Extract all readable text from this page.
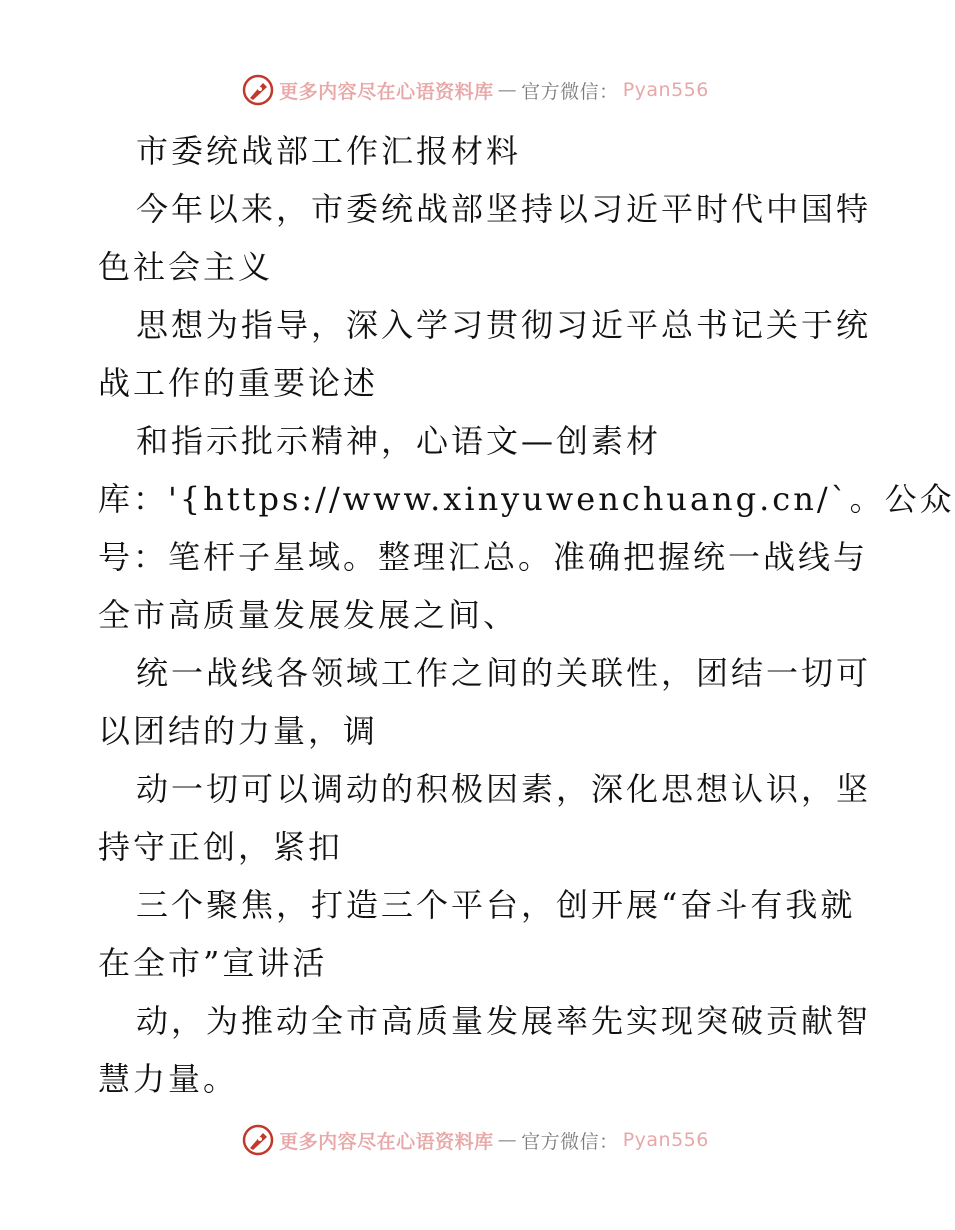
更多内容尽在心语资料库 — 官方微信： Pyan556
市委统战部工作汇报材料
今年以来，市委统战部坚持以习近平时代中国特
色社会主义
思想为指导，深入学习贯彻习近平总书记关于统
战工作的重要论述
和指示批示精神，心语文—创素材
库：'{https://www.xinyuwenchuang.cn/`。公众
号：笔杆子星域。整理汇总。准确把握统一战线与
全市高质量发展发展之间、
统一战线各领域工作之间的关联性，团结一切可
以团结的力量，调
动一切可以调动的积极因素，深化思想认识，坚
持守正创，紧扣
三个聚焦，打造三个平台，创开展“奋斗有我就
在全市”宣讲活
动，为推动全市高质量发展率先实现突破贡献智
慧力量。
更多内容尽在心语资料库 — 官方微信： Pyan556
